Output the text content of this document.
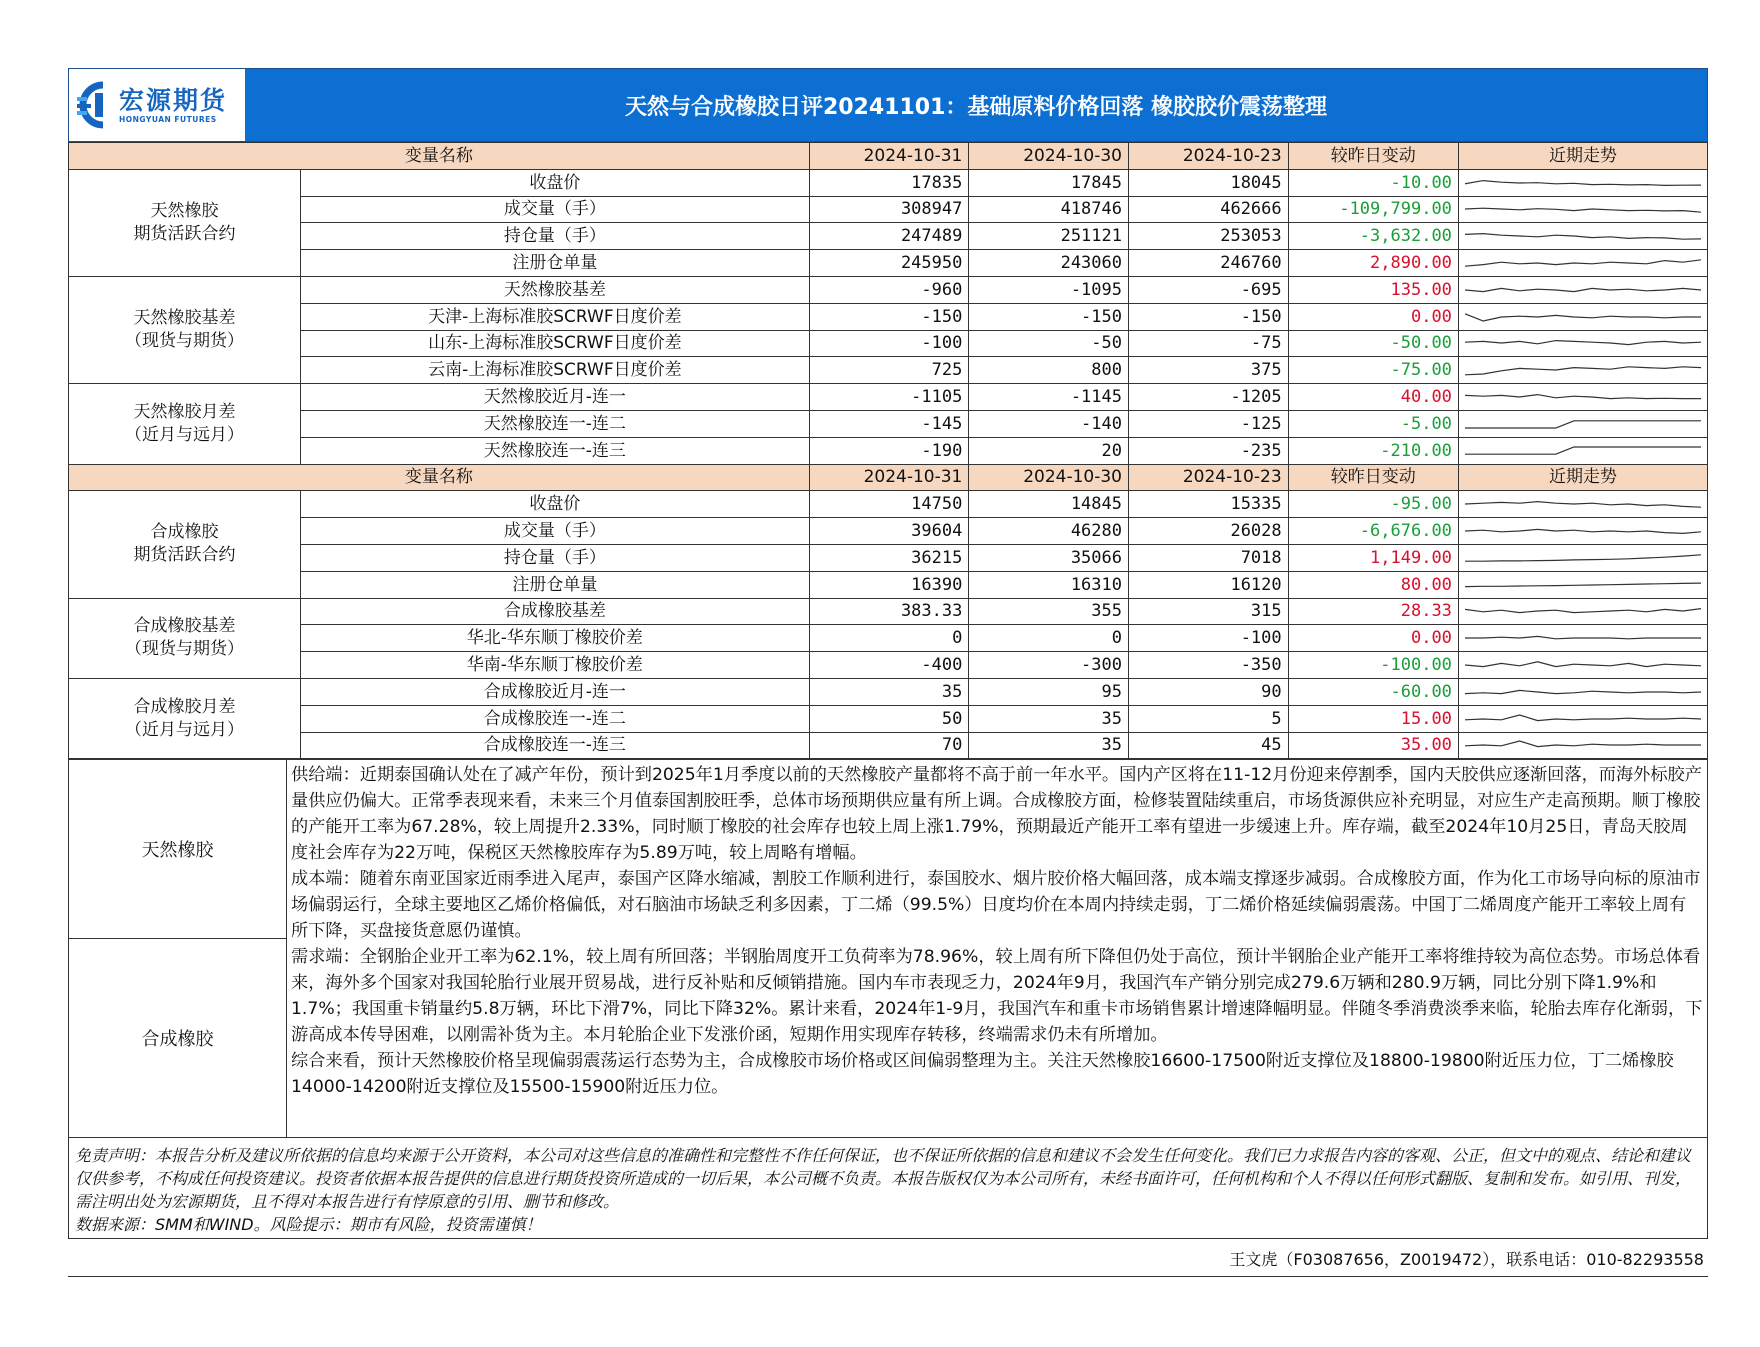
宏源期货
HONGYUAN FUTURES	天然与合成橡胶日评20241101：基础原料价格回落 橡胶胶价震荡整理
变量名称		2024-10-31	2024-10-30	2024-10-23	较昨日变动	近期走势
天然橡胶
期货活跃合约	收盘价	17835	17845	18045	-10.00	

	成交量（手）	308947	418746	462666	-109,799.00	

	持仓量（手）	247489	251121	253053	-3,632.00	

	注册仓单量	245950	243060	246760	2,890.00	

天然橡胶基差
（现货与期货）	天然橡胶基差	-960	-1095	-695	135.00	

	天津-上海标准胶SCRWF日度价差	-150	-150	-150	0.00	

	山东-上海标准胶SCRWF日度价差	-100	-50	-75	-50.00	

	云南-上海标准胶SCRWF日度价差	725	800	375	-75.00	

天然橡胶月差
（近月与远月）	天然橡胶近月-连一	-1105	-1145	-1205	40.00	

	天然橡胶连一-连二	-145	-140	-125	-5.00	

	天然橡胶连一-连三	-190	20	-235	-210.00	

变量名称		2024-10-31	2024-10-30	2024-10-23	较昨日变动	近期走势
合成橡胶
期货活跃合约	收盘价	14750	14845	15335	-95.00	

	成交量（手）	39604	46280	26028	-6,676.00	

	持仓量（手）	36215	35066	7018	1,149.00	

	注册仓单量	16390	16310	16120	80.00	

合成橡胶基差
（现货与期货）	合成橡胶基差	383.33	355	315	28.33	

	华北-华东顺丁橡胶价差	0	0	-100	0.00	

	华南-华东顺丁橡胶价差	-400	-300	-350	-100.00	

合成橡胶月差
（近月与远月）	合成橡胶近月-连一	35	95	90	-60.00	

	合成橡胶连一-连二	50	35	5	15.00	

	合成橡胶连一-连三	70	35	45	35.00	
天然橡胶	
供给端：近期泰国确认处在了减产年份，预计到2025年1月季度以前的天然橡胶产量都将不高于前一年水平。国内产区将在11-12月份迎来停割季，国内天胶供应逐渐回落，而海外标胶产量供应仍偏大。正常季表现来看，未来三个月值泰国割胶旺季，总体市场预期供应量有所上调。合成橡胶方面，检修装置陆续重启，市场货源供应补充明显，对应生产走高预期。顺丁橡胶的产能开工率为67.28%，较上周提升2.33%，同时顺丁橡胶的社会库存也较上周上涨1.79%，预期最近产能开工率有望进一步缓速上升。库存端，截至2024年10月25日，青岛天胶周度社会库存为22万吨，保税区天然橡胶库存为5.89万吨，较上周略有增幅。
成本端：随着东南亚国家近雨季进入尾声，泰国产区降水缩减，割胶工作顺利进行，泰国胶水、烟片胶价格大幅回落，成本端支撑逐步减弱。合成橡胶方面，作为化工市场导向标的原油市场偏弱运行，全球主要地区乙烯价格偏低，对石脑油市场缺乏利多因素，丁二烯（99.5%）日度均价在本周内持续走弱，丁二烯价格延续偏弱震荡。中国丁二烯周度产能开工率较上周有所下降，买盘接货意愿仍谨慎。
需求端：全钢胎企业开工率为62.1%，较上周有所回落；半钢胎周度开工负荷率为78.96%，较上周有所下降但仍处于高位，预计半钢胎企业产能开工率将维持较为高位态势。市场总体看来，海外多个国家对我国轮胎行业展开贸易战，进行反补贴和反倾销措施。国内车市表现乏力，2024年9月，我国汽车产销分别完成279.6万辆和280.9万辆，同比分别下降1.9%和1.7%；我国重卡销量约5.8万辆，环比下滑7%，同比下降32%。累计来看，2024年1-9月，我国汽车和重卡市场销售累计增速降幅明显。伴随冬季消费淡季来临，轮胎去库存化渐弱，下游高成本传导困难，以刚需补货为主。本月轮胎企业下发涨价函，短期作用实现库存转移，终端需求仍未有所增加。
综合来看，预计天然橡胶价格呈现偏弱震荡运行态势为主，合成橡胶市场价格或区间偏弱整理为主。关注天然橡胶16600-17500附近支撑位及18800-19800附近压力位，丁二烯橡胶14000-14200附近支撑位及15500-15900附近压力位。

合成橡胶
免责声明：本报告分析及建议所依据的信息均来源于公开资料，本公司对这些信息的准确性和完整性不作任何保证，也不保证所依据的信息和建议不会发生任何变化。我们已力求报告内容的客观、公正，但文中的观点、结论和建议仅供参考，不构成任何投资建议。投资者依据本报告提供的信息进行期货投资所造成的一切后果，本公司概不负责。本报告版权仅为本公司所有，未经书面许可，任何机构和个人不得以任何形式翻版、复制和发布。如引用、刊发，需注明出处为宏源期货，且不得对本报告进行有悖原意的引用、删节和修改。
数据来源：SMM和WIND。风险提示：期市有风险，投资需谨慎！
王文虎（F03087656，Z0019472），联系电话：010-82293558
